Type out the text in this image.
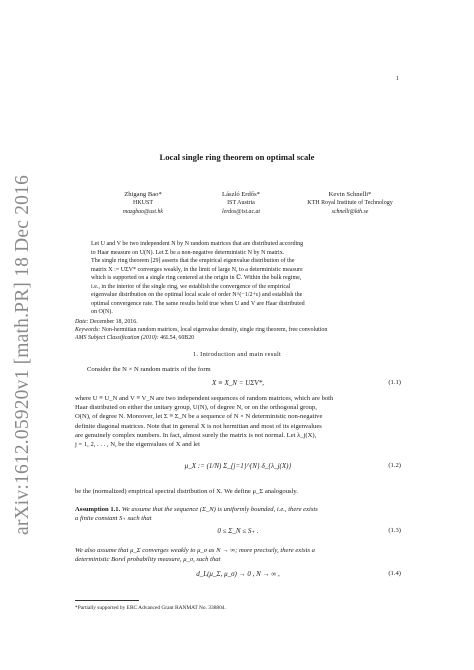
arXiv:1612.05920v1 [math.PR] 18 Dec 2016
1
Local single ring theorem on optimal scale
Zhigang Bao*
HKUST
mazgbao@ust.hk
László Erdős*
IST Austria
lerdos@ist.ac.at
Kevin Schnelli*
KTH Royal Institute of Technology
schnelli@kth.se
Let U and V be two independent N by N random matrices that are distributed according
to Haar measure on U(N). Let Σ be a non-negative deterministic N by N matrix.
The single ring theorem [29] asserts that the empirical eigenvalue distribution of the
matrix X := UΣV* converges weakly, in the limit of large N, to a deterministic measure
which is supported on a single ring centered at the origin in ℂ. Within the bulk regime,
i.e., in the interior of the single ring, we establish the convergence of the empirical
eigenvalue distribution on the optimal local scale of order N^(−1/2+ε) and establish the
optimal convergence rate. The same results hold true when U and V are Haar distributed
on O(N).
Date: December 18, 2016.
Keywords: Non-hermitian random matrices, local eigenvalue density, single ring theorem, free convolution
AMS Subject Classification (2010): 46L54, 60B20
1. Introduction and main result
Consider the N × N random matrix of the form
X ≡ X_N = UΣV*,	(1.1)
where U ≡ U_N and V ≡ V_N are two independent sequences of random matrices, which are both
Haar distributed on either the unitary group, U(N), of degree N, or on the orthogonal group,
O(N), of degree N. Moreover, let Σ ≡ Σ_N be a sequence of N × N deterministic non-negative
definite diagonal matrices. Note that in general X is not hermitian and most of its eigenvalues
are genuinely complex numbers. In fact, almost surely the matrix is not normal. Let λ_j(X),
j = 1, 2, . . . , N, be the eigenvalues of X and let
μ_X := (1/N) Σ_{j=1}^{N} δ_{λ_j(X)}	(1.2)
be the (normalized) empirical spectral distribution of X. We define μ_Σ analogously.
Assumption 1.1. We assume that the sequence (Σ_N) is uniformly bounded, i.e., there exists
a finite constant S₊ such that
0 ≤ Σ_N ≤ S₊ .	(1.3)
We also assume that μ_Σ converges weakly to μ_σ as N → ∞; more precisely, there exists a
deterministic Borel probability measure, μ_σ, such that
d_L(μ_Σ, μ_σ) → 0 , N → ∞ ,	(1.4)
*Partially supported by ERC Advanced Grant RANMAT No. 338804.
